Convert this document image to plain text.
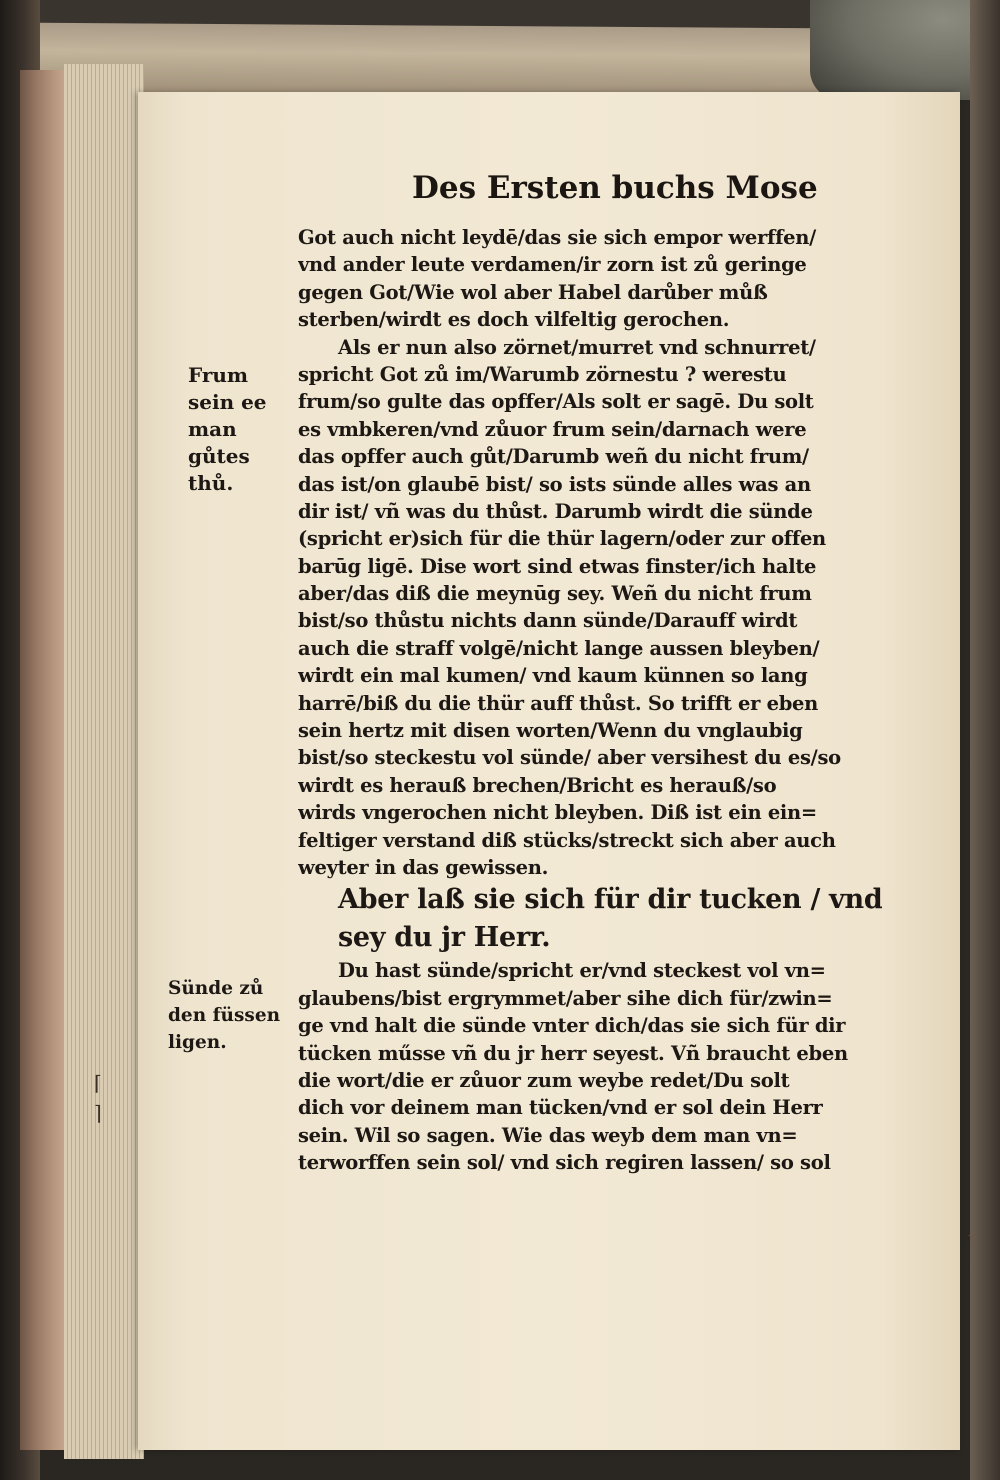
Des Ersten buchs Mose
Frum
sein ee
man
gůtes
thů.
Sünde zů
den füssen
ligen.
⌈
⌉
ᵞ
Got auch nicht leydē/das sie sich empor werffen/
vnd ander leute verdamen/ir zorn ist zů geringe
gegen Got/Wie wol aber Habel darůber můß
sterben/wirdt es doch vilfeltig gerochen.
Als er nun also zörnet/murret vnd schnurret/
spricht Got zů im/Warumb zörnestu ? werestu
frum/so gulte das opffer/Als solt er sagē. Du solt
es vmbkeren/vnd zůuor frum sein/darnach were
das opffer auch gůt/Darumb weñ du nicht frum/
das ist/on glaubē bist/ so ists sünde alles was an
dir ist/ vñ was du thůst. Darumb wirdt die sünde
(spricht er)sich für die thür lagern/oder zur offen
barūg ligē. Dise wort sind etwas finster/ich halte
aber/das diß die meynūg sey. Weñ du nicht frum
bist/so thůstu nichts dann sünde/Darauff wirdt
auch die straff volgē/nicht lange aussen bleyben/
wirdt ein mal kumen/ vnd kaum künnen so lang
harrē/biß du die thür auff thůst. So trifft er eben
sein hertz mit disen worten/Wenn du vnglaubig
bist/so steckestu vol sünde/ aber versihest du es/so
wirdt es herauß brechen/Bricht es herauß/so
wirds vngerochen nicht bleyben. Diß ist ein ein=
feltiger verstand diß stücks/streckt sich aber auch
weyter in das gewissen.
Aber laß sie sich für dir tucken / vnd
sey du jr Herr.
Du hast sünde/spricht er/vnd steckest vol vn=
glaubens/bist ergrymmet/aber sihe dich für/zwin=
ge vnd halt die sünde vnter dich/das sie sich für dir
tücken műsse vñ du jr herr seyest. Vñ braucht eben
die wort/die er zůuor zum weybe redet/Du solt
dich vor deinem man tücken/vnd er sol dein Herr
sein. Wil so sagen. Wie das weyb dem man vn=
terworffen sein sol/ vnd sich regiren lassen/ so sol
